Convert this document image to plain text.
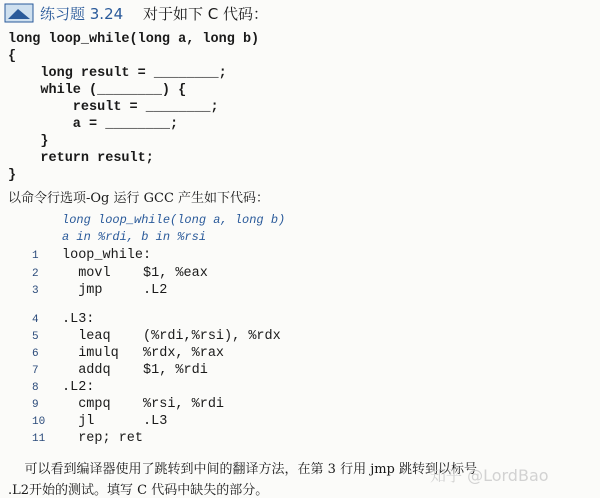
练习题 3.24　 对于如下 C 代码：
long loop_while(long a, long b)
{
long result = ________;
while (________) {
result = ________;
a = ________;
}
return result;
}
以命令行选项-Og 运行 GCC 产生如下代码：
long loop_while(long a, long b)
a in %rdi, b in %rsi
1 loop_while:
2 movl    $1, %eax
3 jmp     .L2
4 .L3:
5 leaq    (%rdi,%rsi), %rdx
6 imulq   %rdx, %rax
7 addq    $1, %rdi
8 .L2:
9 cmpq    %rsi, %rdi
10 jl      .L3
11 rep; ret
可以看到编译器使用了跳转到中间的翻译方法，在第 3 行用 jmp 跳转到以标号
.L2开始的测试。填写 C 代码中缺失的部分。
知乎 @LordBao
